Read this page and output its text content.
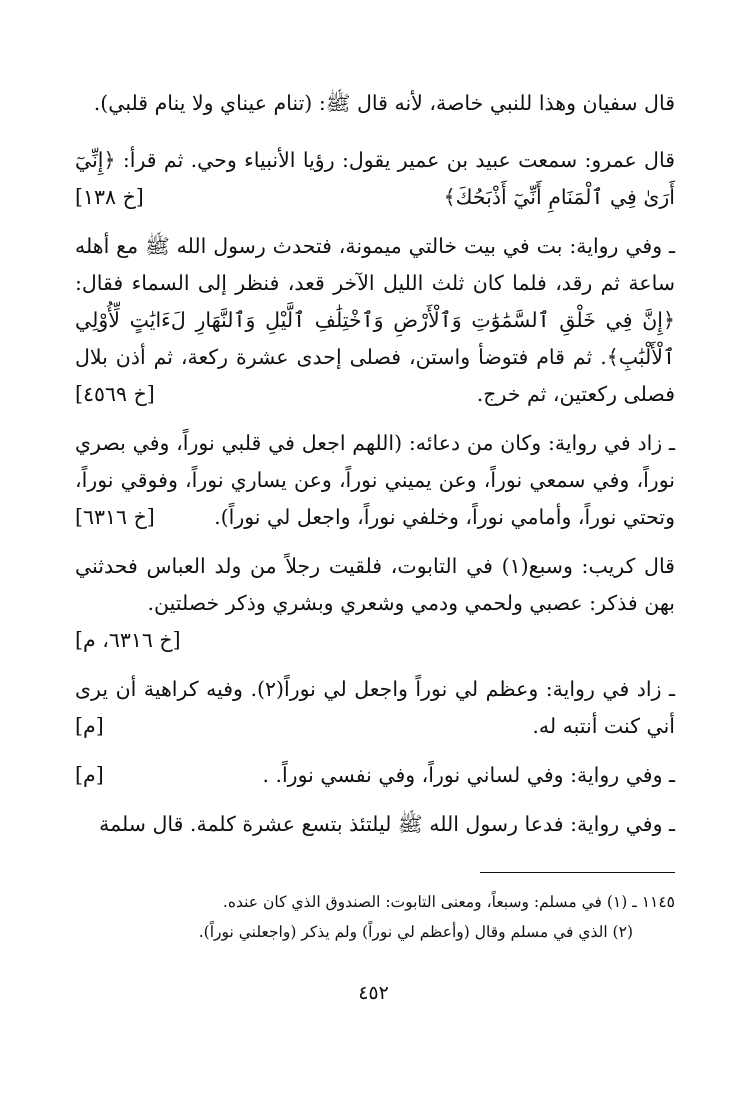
قال سفيان وهذا للنبي خاصة، لأنه قال ﷺ: (تنام عيناي ولا ينام قلبي).

قال عمرو: سمعت عبيد بن عمير يقول: رؤيا الأنبياء وحي. ثم قرأ: ﴿إِنِّيٓ أَرَىٰ فِي ٱلْمَنَامِ أَنِّيٓ أَذْبَحُكَ﴾
[خ ١٣٨]

ـ وفي رواية: بت في بيت خالتي ميمونة، فتحدث رسول الله ﷺ مع أهله ساعة ثم رقد، فلما كان ثلث الليل الآخر قعد، فنظر إلى السماء فقال: ﴿إِنَّ فِي خَلْقِ ٱلسَّمَٰوَٰتِ وَٱلْأَرْضِ وَٱخْتِلَٰفِ ٱلَّيْلِ وَٱلنَّهَارِ لَءَايَٰتٍ لِّأُوْلِي ٱلْأَلْبَٰبِ﴾. ثم قام فتوضأ واستن، فصلى إحدى عشرة ركعة، ثم أذن بلال فصلى ركعتين، ثم خرج.
[خ ٤٥٦٩]

ـ زاد في رواية: وكان من دعائه: (اللهم اجعل في قلبي نوراً، وفي بصري نوراً، وفي سمعي نوراً، وعن يميني نوراً، وعن يساري نوراً، وفوقي نوراً، وتحتي نوراً، وأمامي نوراً، وخلفي نوراً، واجعل لي نوراً).
[خ ٦٣١٦]

قال كريب: وسبع(١) في التابوت، فلقيت رجلاً من ولد العباس فحدثني بهن فذكر: عصبي ولحمي ودمي وشعري وبشري وذكر خصلتين.
[خ ٦٣١٦، م]

ـ زاد في رواية: وعظم لي نوراً واجعل لي نوراً(٢). وفيه كراهية أن يرى أني كنت أنتبه له.
[م]

ـ وفي رواية: وفي لساني نوراً، وفي نفسي نوراً. .
[م]

ـ وفي رواية: فدعا رسول الله ﷺ ليلتئذ بتسع عشرة كلمة. قال سلمة

١١٤٥ ـ (١) في مسلم: وسبعاً، ومعنى التابوت: الصندوق الذي كان عنده.

(٢) الذي في مسلم وقال (وأعظم لي نوراً) ولم يذكر (واجعلني نوراً).

٤٥٢
